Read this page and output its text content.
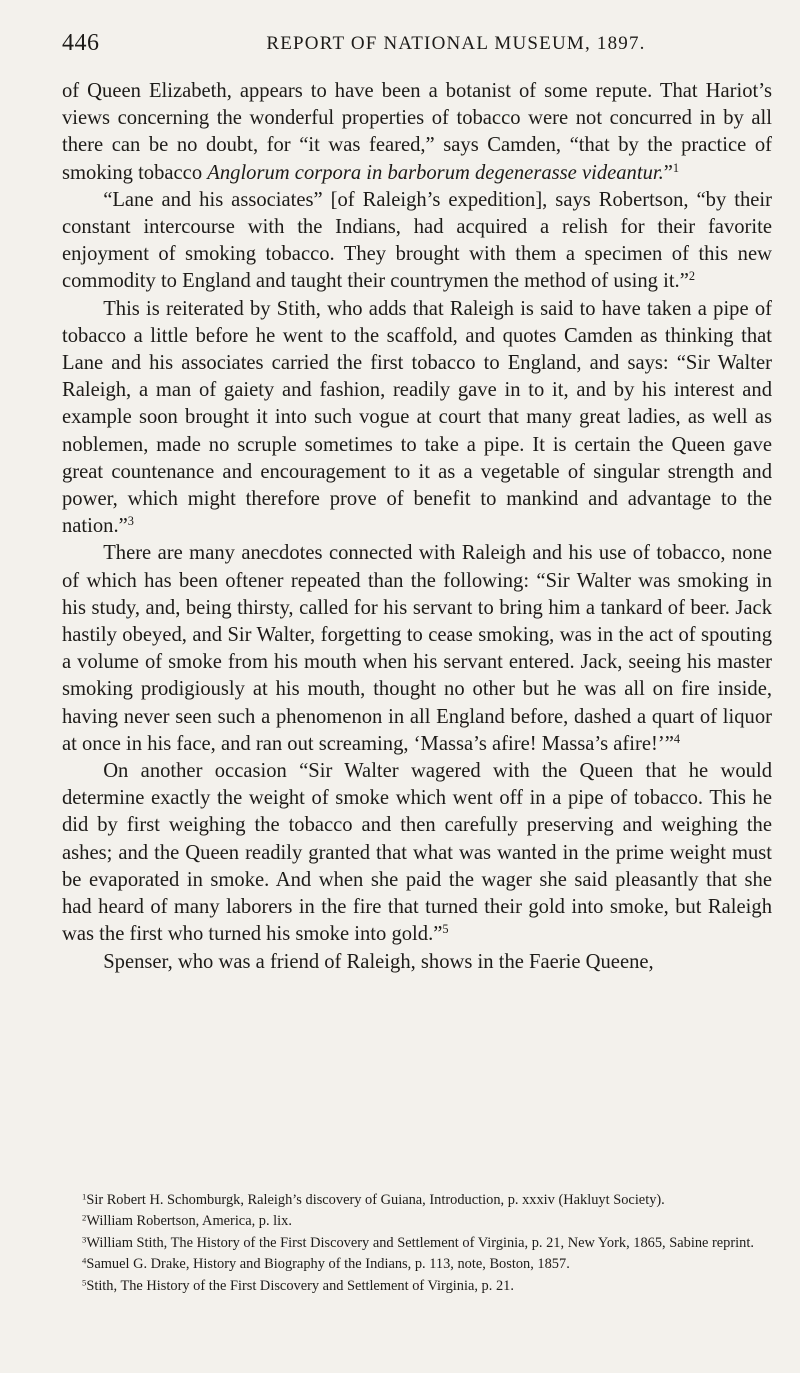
446	REPORT OF NATIONAL MUSEUM, 1897.

of Queen Elizabeth, appears to have been a botanist of some repute. That Hariot’s views concerning the wonderful properties of tobacco were not concurred in by all there can be no doubt, for “it was feared,” says Camden, “that by the practice of smoking tobacco Anglorum corpora in barborum degenerasse videantur.”$^1$

“Lane and his associates” [of Raleigh’s expedition], says Robertson, “by their constant intercourse with the Indians, had acquired a relish for their favorite enjoyment of smoking tobacco. They brought with them a specimen of this new commodity to England and taught their countrymen the method of using it.”$^2$

This is reiterated by Stith, who adds that Raleigh is said to have taken a pipe of tobacco a little before he went to the scaffold, and quotes Camden as thinking that Lane and his associates carried the first tobacco to England, and says: “Sir Walter Raleigh, a man of gaiety and fashion, readily gave in to it, and by his interest and example soon brought it into such vogue at court that many great ladies, as well as noblemen, made no scruple sometimes to take a pipe. It is certain the Queen gave great countenance and encouragement to it as a vegetable of singular strength and power, which might therefore prove of benefit to mankind and advantage to the nation.”$^3$

There are many anecdotes connected with Raleigh and his use of tobacco, none of which has been oftener repeated than the following: “Sir Walter was smoking in his study, and, being thirsty, called for his servant to bring him a tankard of beer. Jack hastily obeyed, and Sir Walter, forgetting to cease smoking, was in the act of spouting a volume of smoke from his mouth when his servant entered. Jack, seeing his master smoking prodigiously at his mouth, thought no other but he was all on fire inside, having never seen such a phenomenon in all England before, dashed a quart of liquor at once in his face, and ran out screaming, ‘Massa’s afire! Massa’s afire!’”$^4$

On another occasion “Sir Walter wagered with the Queen that he would determine exactly the weight of smoke which went off in a pipe of tobacco. This he did by first weighing the tobacco and then carefully preserving and weighing the ashes; and the Queen readily granted that what was wanted in the prime weight must be evaporated in smoke. And when she paid the wager she said pleasantly that she had heard of many laborers in the fire that turned their gold into smoke, but Raleigh was the first who turned his smoke into gold.”$^5$

Spenser, who was a friend of Raleigh, shows in the Faerie Queene,

$^1$Sir Robert H. Schomburgk, Raleigh’s discovery of Guiana, Introduction, p. xxxiv (Hakluyt Society).
$^2$William Robertson, America, p. lix.
$^3$William Stith, The History of the First Discovery and Settlement of Virginia, p. 21, New York, 1865, Sabine reprint.
$^4$Samuel G. Drake, History and Biography of the Indians, p. 113, note, Boston, 1857.
$^5$Stith, The History of the First Discovery and Settlement of Virginia, p. 21.
